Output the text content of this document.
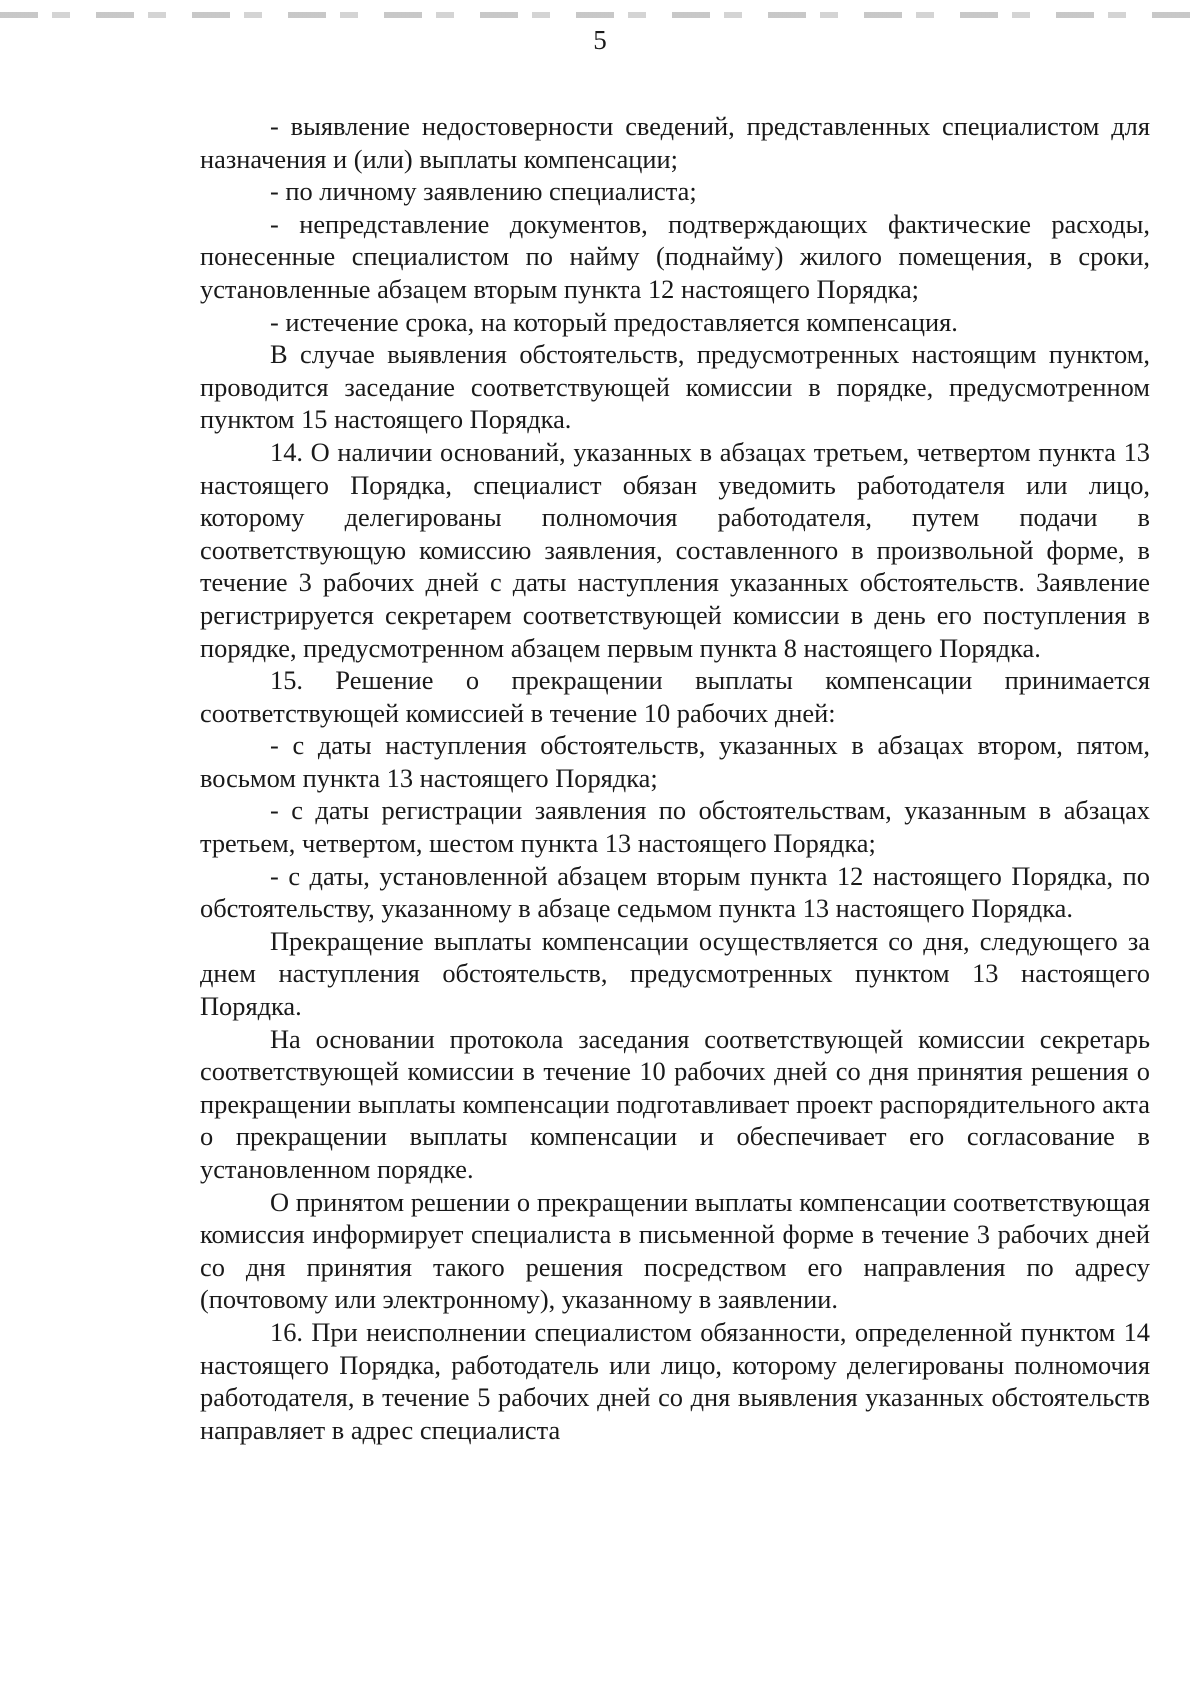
5

- выявление недостоверности сведений, представленных специалистом для назначения и (или) выплаты компенсации;

- по личному заявлению специалиста;

- непредставление документов, подтверждающих фактические расходы, понесенные специалистом по найму (поднайму) жилого помещения, в сроки, установленные абзацем вторым пункта 12 настоящего Порядка;

- истечение срока, на который предоставляется компенсация.

В случае выявления обстоятельств, предусмотренных настоящим пунктом, проводится заседание соответствующей комиссии в порядке, предусмотренном пунктом 15 настоящего Порядка.

14. О наличии оснований, указанных в абзацах третьем, четвертом пункта 13 настоящего Порядка, специалист обязан уведомить работодателя или лицо, которому делегированы полномочия работодателя, путем подачи в соответствующую комиссию заявления, составленного в произвольной форме, в течение 3 рабочих дней с даты наступления указанных обстоятельств. Заявление регистрируется секретарем соответствующей комиссии в день его поступления в порядке, предусмотренном абзацем первым пункта 8 настоящего Порядка.

15. Решение о прекращении выплаты компенсации принимается соответствующей комиссией в течение 10 рабочих дней:

- с даты наступления обстоятельств, указанных в абзацах втором, пятом, восьмом пункта 13 настоящего Порядка;

- с даты регистрации заявления по обстоятельствам, указанным в абзацах третьем, четвертом, шестом пункта 13 настоящего Порядка;

- с даты, установленной абзацем вторым пункта 12 настоящего Порядка, по обстоятельству, указанному в абзаце седьмом пункта 13 настоящего Порядка.

Прекращение выплаты компенсации осуществляется со дня, следующего за днем наступления обстоятельств, предусмотренных пунктом 13 настоящего Порядка.

На основании протокола заседания соответствующей комиссии секретарь соответствующей комиссии в течение 10 рабочих дней со дня принятия решения о прекращении выплаты компенсации подготавливает проект распорядительного акта о прекращении выплаты компенсации и обеспечивает его согласование в установленном порядке.

О принятом решении о прекращении выплаты компенсации соответствующая комиссия информирует специалиста в письменной форме в течение 3 рабочих дней со дня принятия такого решения посредством его направления по адресу (почтовому или электронному), указанному в заявлении.

16. При неисполнении специалистом обязанности, определенной пунктом 14 настоящего Порядка, работодатель или лицо, которому делегированы полномочия работодателя, в течение 5 рабочих дней со дня выявления указанных обстоятельств направляет в адрес специалиста
